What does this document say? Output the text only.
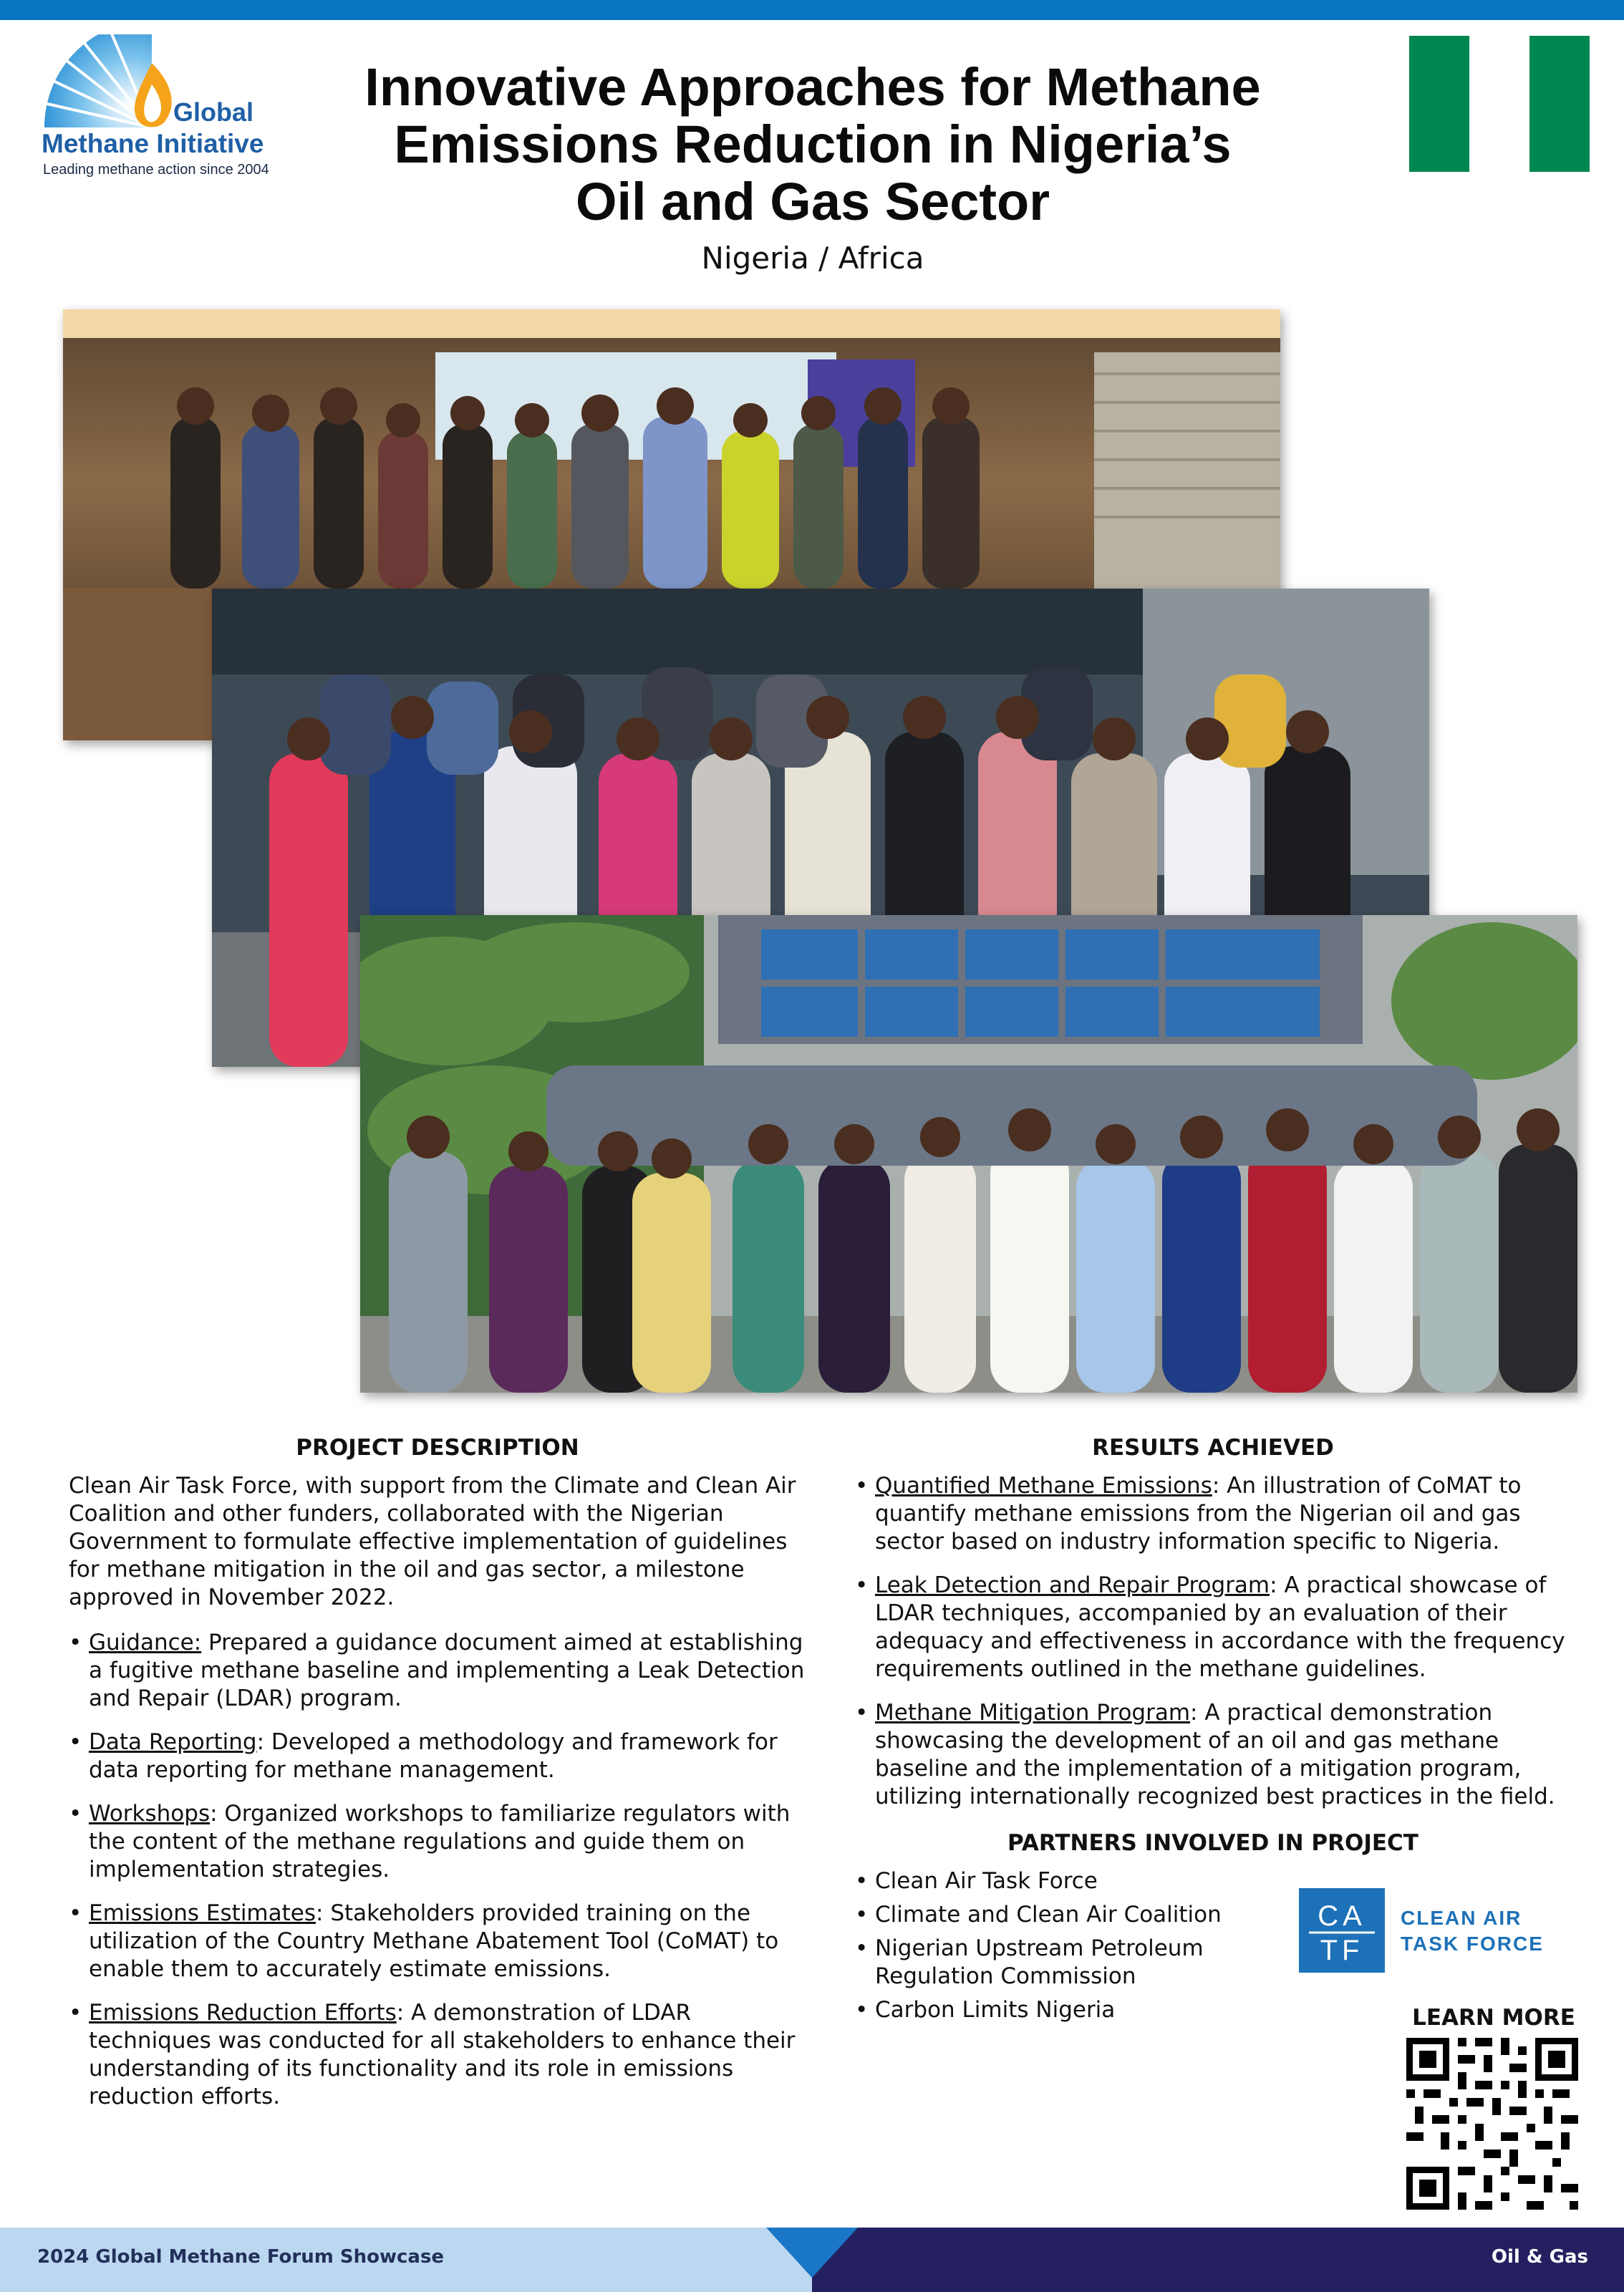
Global
Methane Initiative
Leading methane action since 2004
Innovative Approaches for Methane
Emissions Reduction in Nigeria’s
Oil and Gas Sector
Nigeria / Africa
PROJECT DESCRIPTION

Clean Air Task Force, with support from the Climate and Clean Air Coalition and other funders, collaborated with the Nigerian Government to formulate effective implementation of guidelines for methane mitigation in the oil and gas sector, a milestone approved in November 2022.

• Guidance: Prepared a guidance document aimed at establishing a fugitive methane baseline and implementing a Leak Detection and Repair (LDAR) program.
• Data Reporting: Developed a methodology and framework for data reporting for methane management.
• Workshops: Organized workshops to familiarize regulators with the content of the methane regulations and guide them on implementation strategies.
• Emissions Estimates: Stakeholders provided training on the utilization of the Country Methane Abatement Tool (CoMAT) to enable them to accurately estimate emissions.
• Emissions Reduction Efforts: A demonstration of LDAR techniques was conducted for all stakeholders to enhance their understanding of its functionality and its role in emissions reduction efforts.
RESULTS ACHIEVED
• Quantified Methane Emissions: An illustration of CoMAT to quantify methane emissions from the Nigerian oil and gas sector based on industry information specific to Nigeria.
• Leak Detection and Repair Program: A practical showcase of LDAR techniques, accompanied by an evaluation of their adequacy and effectiveness in accordance with the frequency requirements outlined in the methane guidelines.
• Methane Mitigation Program: A practical demonstration showcasing the development of an oil and gas methane baseline and the implementation of a mitigation program, utilizing internationally recognized best practices in the field.
PARTNERS INVOLVED IN PROJECT
• Clean Air Task Force
• Climate and Clean Air Coalition
• Nigerian Upstream Petroleum Regulation Commission
• Carbon Limits Nigeria
CA
TF
CLEAN AIR
TASK FORCE
LEARN MORE
2024 Global Methane Forum Showcase	Oil & Gas
